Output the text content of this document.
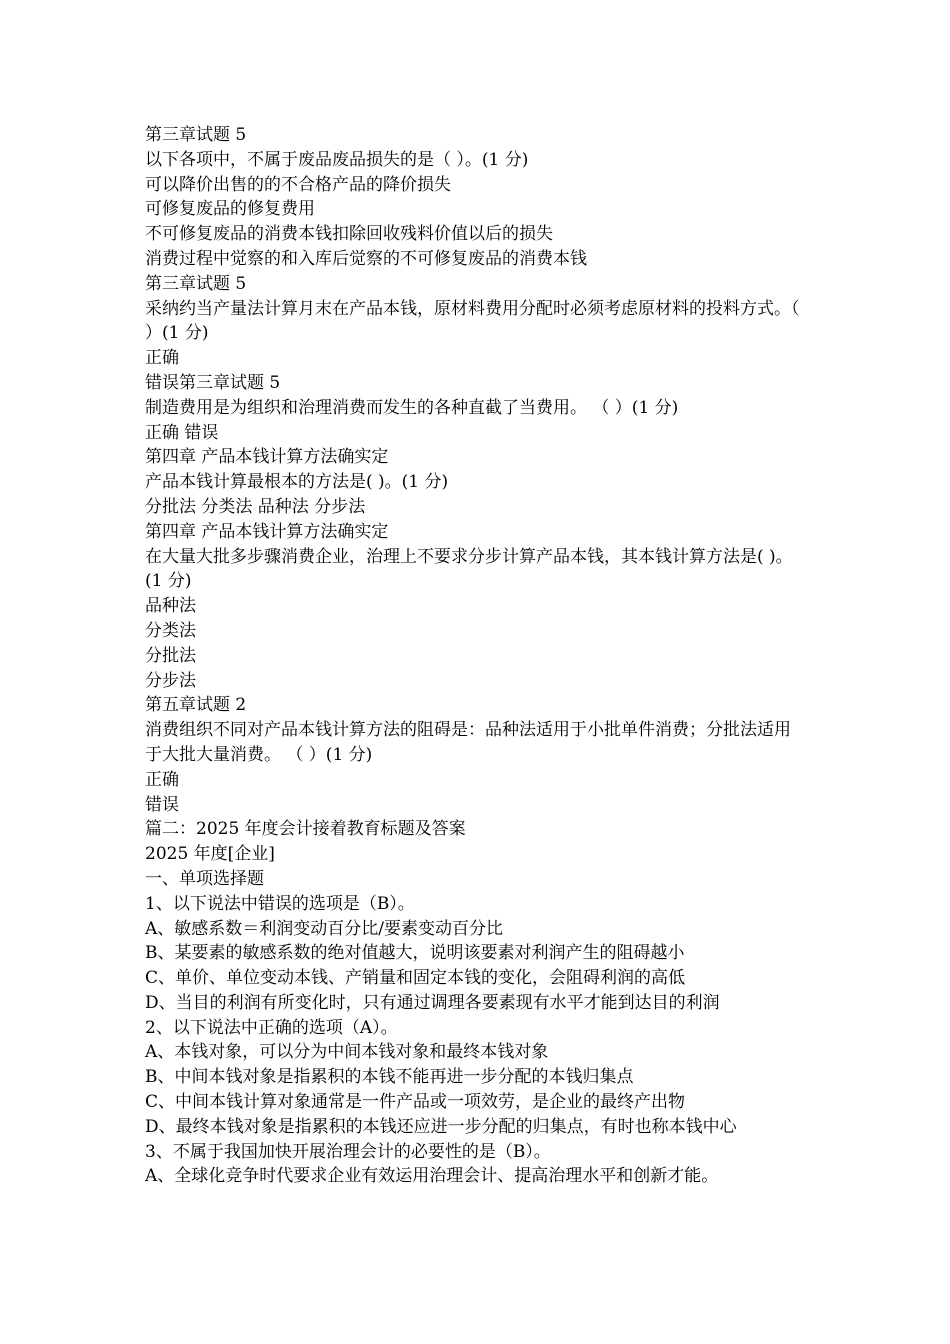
第三章试题 5
以下各项中，不属于废品废品损失的是（ ）。(1 分)
可以降价出售的的不合格产品的降价损失
可修复废品的修复费用
不可修复废品的消费本钱扣除回收残料价值以后的损失
消费过程中觉察的和入库后觉察的不可修复废品的消费本钱
第三章试题 5
采纳约当产量法计算月末在产品本钱，原材料费用分配时必须考虑原材料的投料方式。（ ）(1 分)
正确
错误第三章试题 5
制造费用是为组织和治理消费而发生的各种直截了当费用。 （ ）(1 分)
正确 错误
第四章 产品本钱计算方法确实定
产品本钱计算最根本的方法是( )。(1 分)
分批法 分类法 品种法 分步法
第四章 产品本钱计算方法确实定
在大量大批多步骤消费企业，治理上不要求分步计算产品本钱，其本钱计算方法是( )。(1 分)
品种法
分类法
分批法
分步法
第五章试题 2
消费组织不同对产品本钱计算方法的阻碍是：品种法适用于小批单件消费；分批法适用于大批大量消费。 （ ）(1 分)
正确
错误
篇二：2025 年度会计接着教育标题及答案
2025 年度[企业]
一、单项选择题
1、以下说法中错误的选项是（B）。
A、敏感系数＝利润变动百分比/要素变动百分比
B、某要素的敏感系数的绝对值越大，说明该要素对利润产生的阻碍越小
C、单价、单位变动本钱、产销量和固定本钱的变化，会阻碍利润的高低
D、当目的利润有所变化时，只有通过调理各要素现有水平才能到达目的利润
2、以下说法中正确的选项（A）。
A、本钱对象，可以分为中间本钱对象和最终本钱对象
B、中间本钱对象是指累积的本钱不能再进一步分配的本钱归集点
C、中间本钱计算对象通常是一件产品或一项效劳，是企业的最终产出物
D、最终本钱对象是指累积的本钱还应进一步分配的归集点，有时也称本钱中心
3、不属于我国加快开展治理会计的必要性的是（B）。
A、全球化竞争时代要求企业有效运用治理会计、提高治理水平和创新才能。
